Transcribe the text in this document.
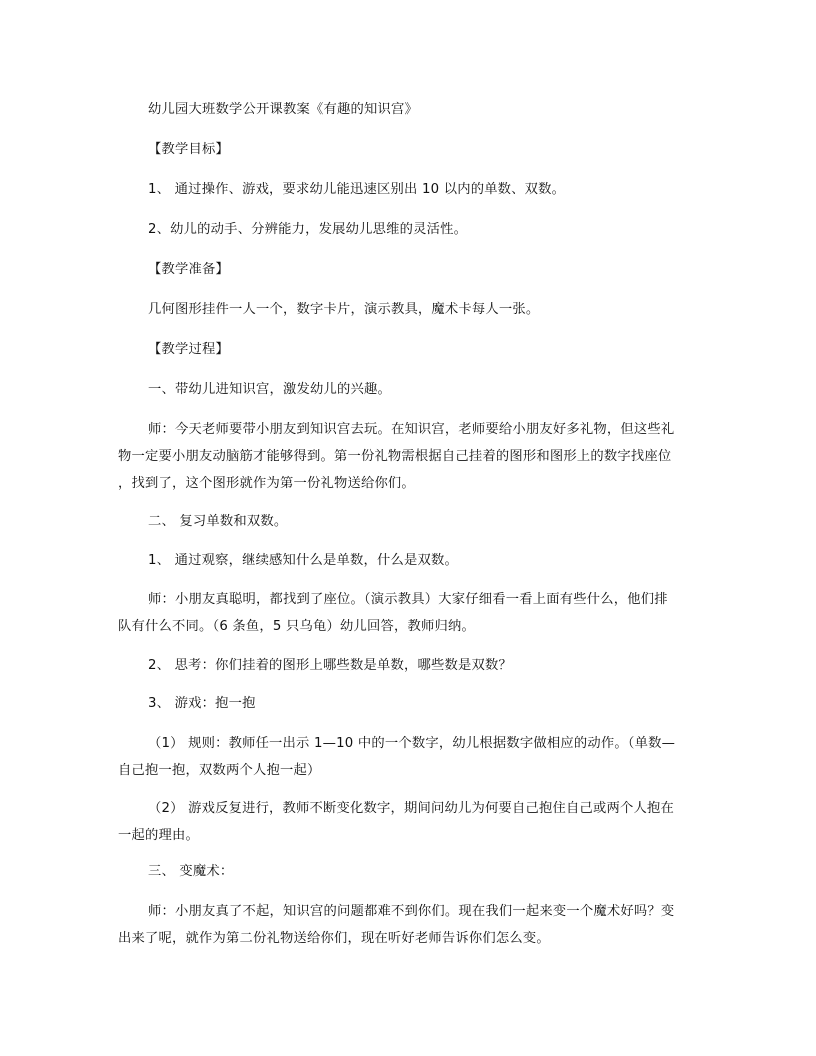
幼儿园大班数学公开课教案《有趣的知识宫》
【教学目标】
1、 通过操作、游戏，要求幼儿能迅速区别出 10 以内的单数、双数。
2、幼儿的动手、分辨能力，发展幼儿思维的灵活性。
【教学准备】
几何图形挂件一人一个，数字卡片，演示教具，魔术卡每人一张。
【教学过程】
一、带幼儿进知识宫，激发幼儿的兴趣。
师：今天老师要带小朋友到知识宫去玩。在知识宫，老师要给小朋友好多礼物，但这些礼
物一定要小朋友动脑筋才能够得到。第一份礼物需根据自己挂着的图形和图形上的数字找座位
，找到了，这个图形就作为第一份礼物送给你们。
二、 复习单数和双数。
1、 通过观察，继续感知什么是单数，什么是双数。
师：小朋友真聪明，都找到了座位。（演示教具）大家仔细看一看上面有些什么，他们排
队有什么不同。（6 条鱼，5 只乌龟）幼儿回答，教师归纳。
2、 思考：你们挂着的图形上哪些数是单数，哪些数是双数？
3、 游戏：抱一抱
（1） 规则：教师任一出示 1—10 中的一个数字，幼儿根据数字做相应的动作。（单数—
自己抱一抱，双数两个人抱一起）
（2） 游戏反复进行，教师不断变化数字，期间问幼儿为何要自己抱住自己或两个人抱在
一起的理由。
三、 变魔术：
师：小朋友真了不起，知识宫的问题都难不到你们。现在我们一起来变一个魔术好吗？变
出来了呢，就作为第二份礼物送给你们，现在听好老师告诉你们怎么变。
